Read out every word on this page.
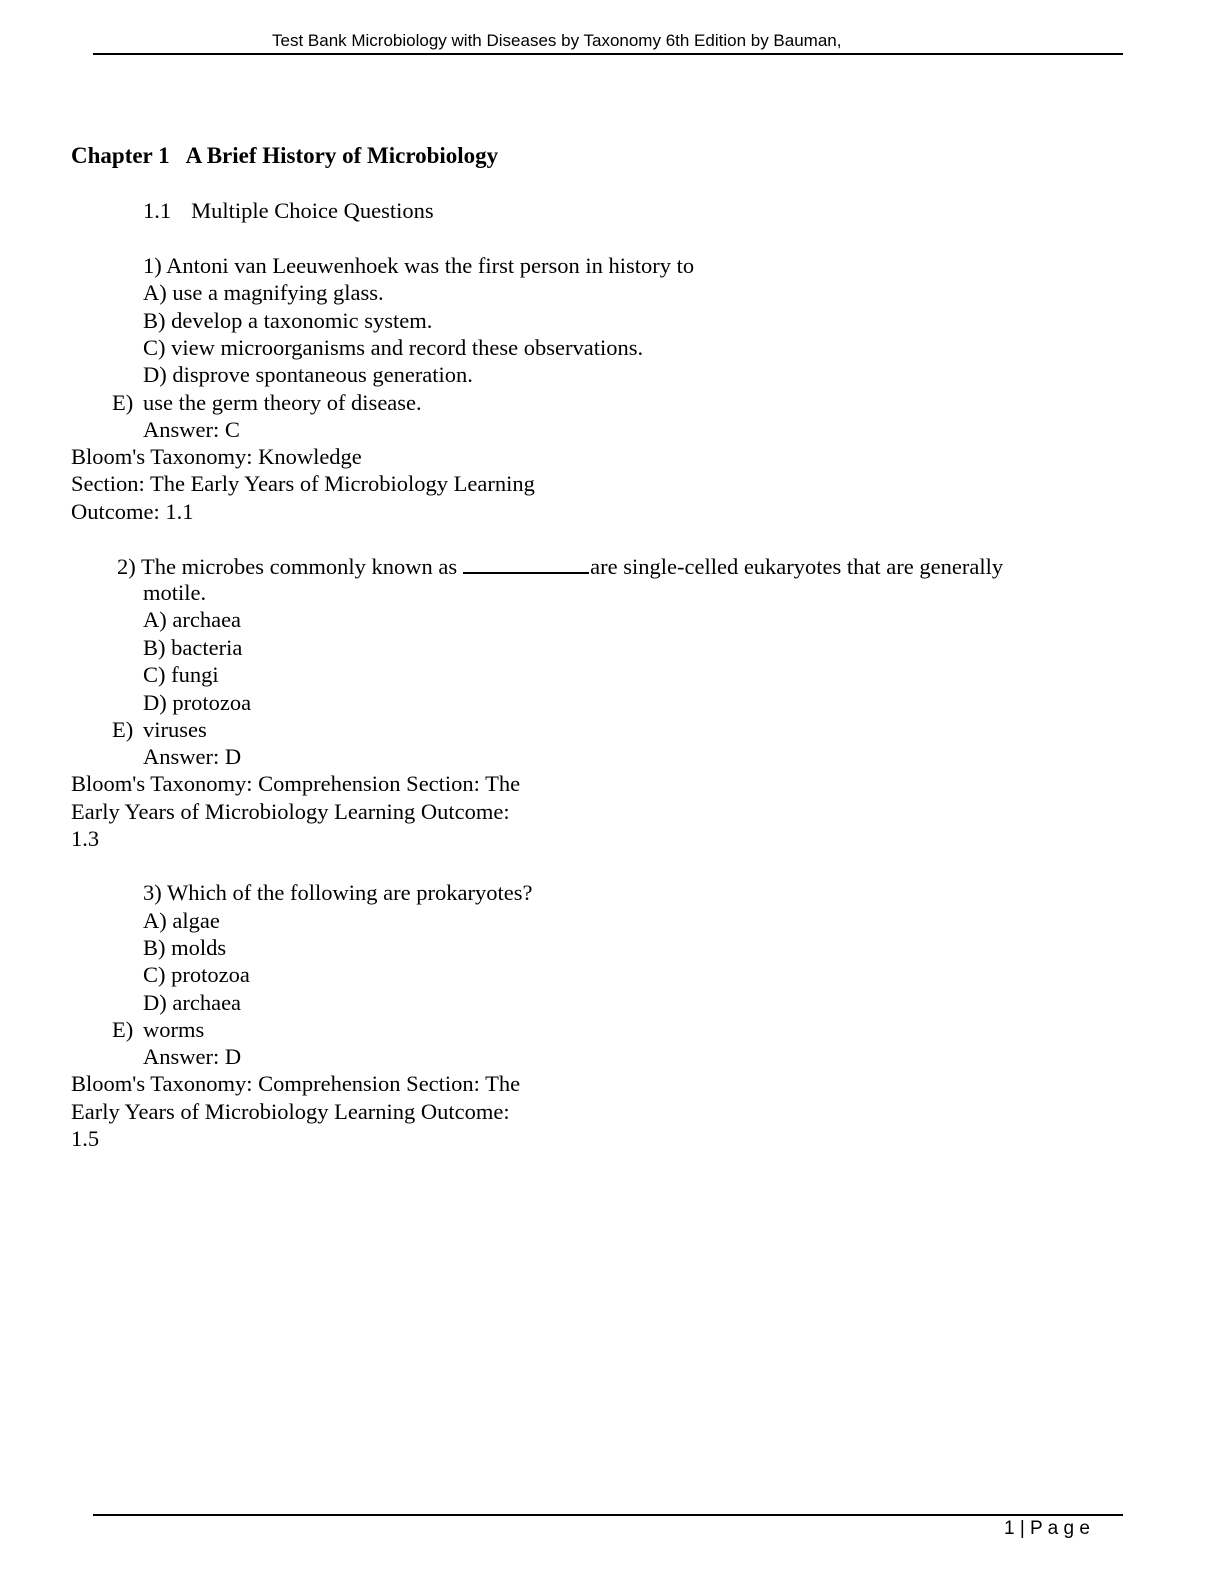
Test Bank Microbiology with Diseases by Taxonomy 6th Edition by Bauman,
Chapter 1 A Brief History of Microbiology
1.1 Multiple Choice Questions
1) Antoni van Leeuwenhoek was the first person in history to
A) use a magnifying glass.
B) develop a taxonomic system.
C) view microorganisms and record these observations.
D) disprove spontaneous generation.
E) use the germ theory of disease.
Answer: C
Bloom's Taxonomy: Knowledge
Section: The Early Years of Microbiology Learning
Outcome: 1.1
2) The microbes commonly known as	are single-celled eukaryotes that are generally
motile.
A) archaea
B) bacteria
C) fungi
D) protozoa
E) viruses
Answer: D
Bloom's Taxonomy: Comprehension Section: The
Early Years of Microbiology Learning Outcome:
1.3
3) Which of the following are prokaryotes?
A) algae
B) molds
C) protozoa
D) archaea
E) worms
Answer: D
Bloom's Taxonomy: Comprehension Section: The
Early Years of Microbiology Learning Outcome:
1.5
1 | P a g e
